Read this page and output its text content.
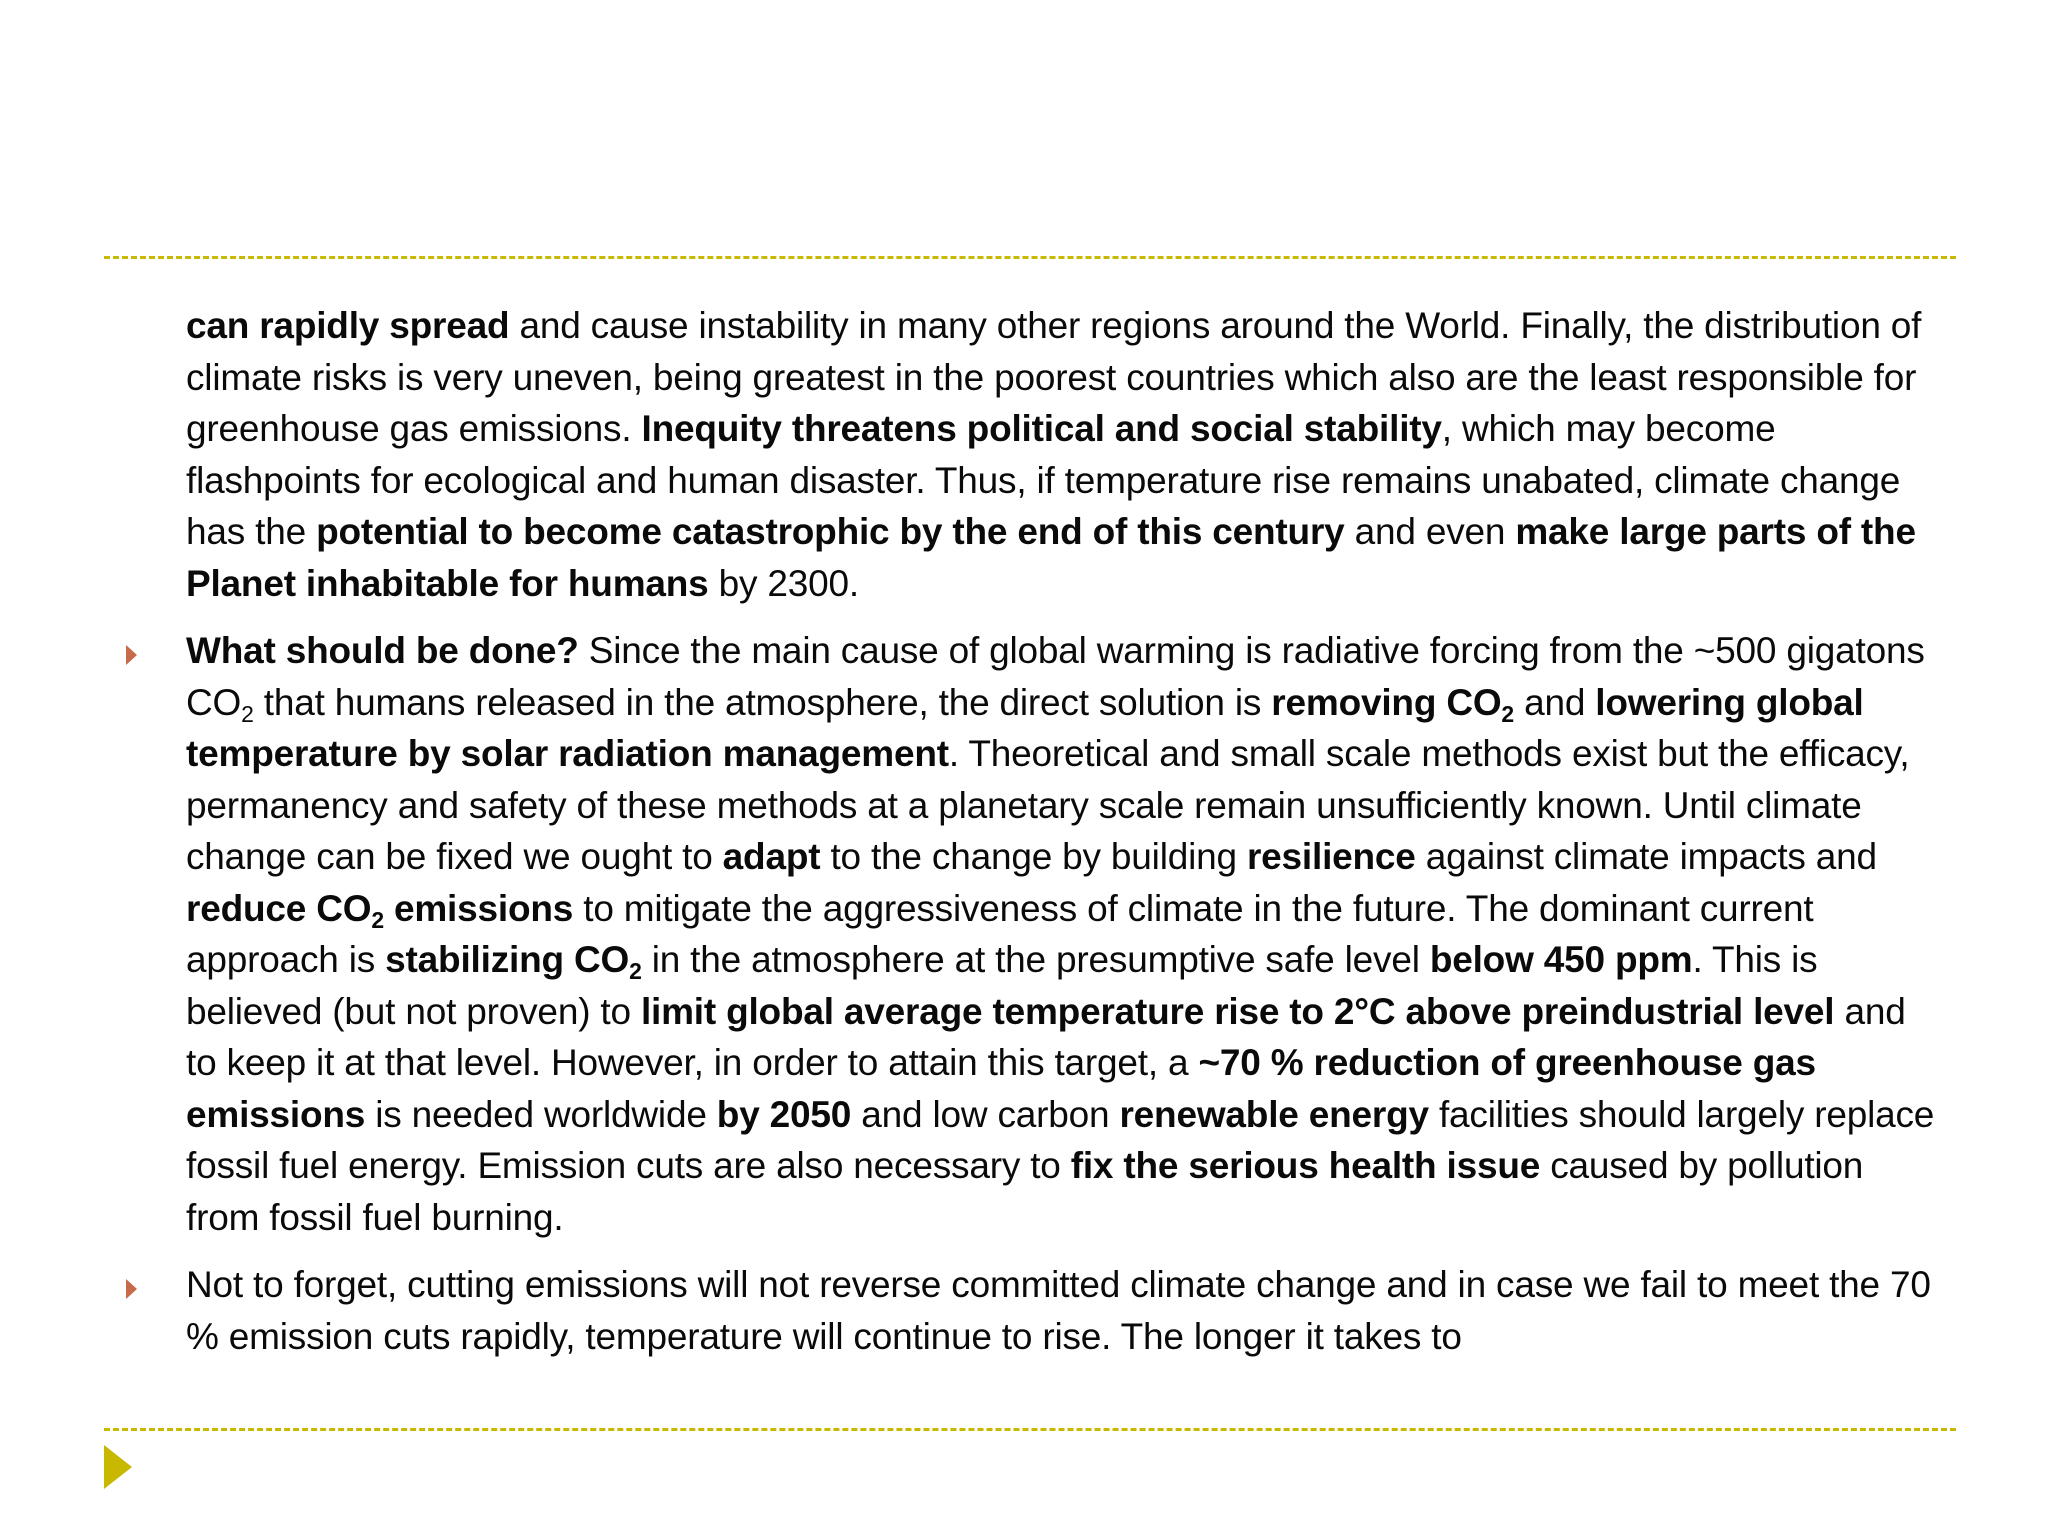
can rapidly spread and cause instability in many other regions around the World. Finally, the distribution of climate risks is very uneven, being greatest in the poorest countries which also are the least responsible for greenhouse gas emissions. Inequity threatens political and social stability, which may become flashpoints for ecological and human disaster. Thus, if temperature rise remains unabated, climate change has the potential to become catastrophic by the end of this century and even make large parts of the Planet inhabitable for humans by 2300.
What should be done? Since the main cause of global warming is radiative forcing from the ~500 gigatons $CO_2$ that humans released in the atmosphere, the direct solution is removing $CO_2$ and lowering global temperature by solar radiation management. Theoretical and small scale methods exist but the efficacy, permanency and safety of these methods at a planetary scale remain unsufficiently known. Until climate change can be fixed we ought to adapt to the change by building resilience against climate impacts and reduce $CO_2$ emissions to mitigate the aggressiveness of climate in the future. The dominant current approach is stabilizing $CO_2$ in the atmosphere at the presumptive safe level below 450 ppm. This is believed (but not proven) to limit global average temperature rise to 2°C above preindustrial level and to keep it at that level. However, in order to attain this target, a ~70 % reduction of greenhouse gas emissions is needed worldwide by 2050 and low carbon renewable energy facilities should largely replace fossil fuel energy. Emission cuts are also necessary to fix the serious health issue caused by pollution from fossil fuel burning.
Not to forget, cutting emissions will not reverse committed climate change and in case we fail to meet the 70 % emission cuts rapidly, temperature will continue to rise. The longer it takes to
